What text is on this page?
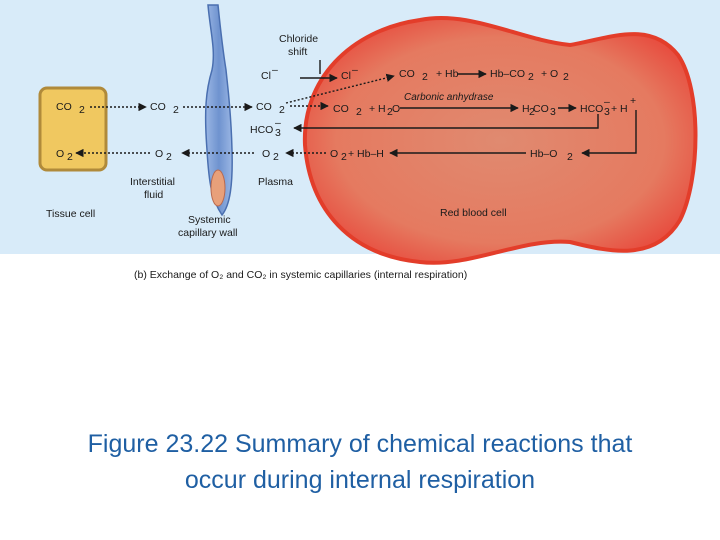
CO
O
CO
O
CO
HCO
O
Cl
Chloride
shift
Cl	CO + Hb	Hb–CO + O
Carbonic anhydrase
CO + H	H	HCO
O + Hb–H	Hb–O
Interstitial
fluid
Plasma
Tissue cell	Systemic
capillary wall
Red blood cell
(b) Exchange of O₂ and CO₂ in systemic capillaries (internal respiration)
2
2
2
2
2
2
3
–
–	–
2	2	2
2 2 O	2
CO 3	3
–
+ H
+
2	2

Figure 23.22 Summary of chemical reactions that
occur during internal respiration
